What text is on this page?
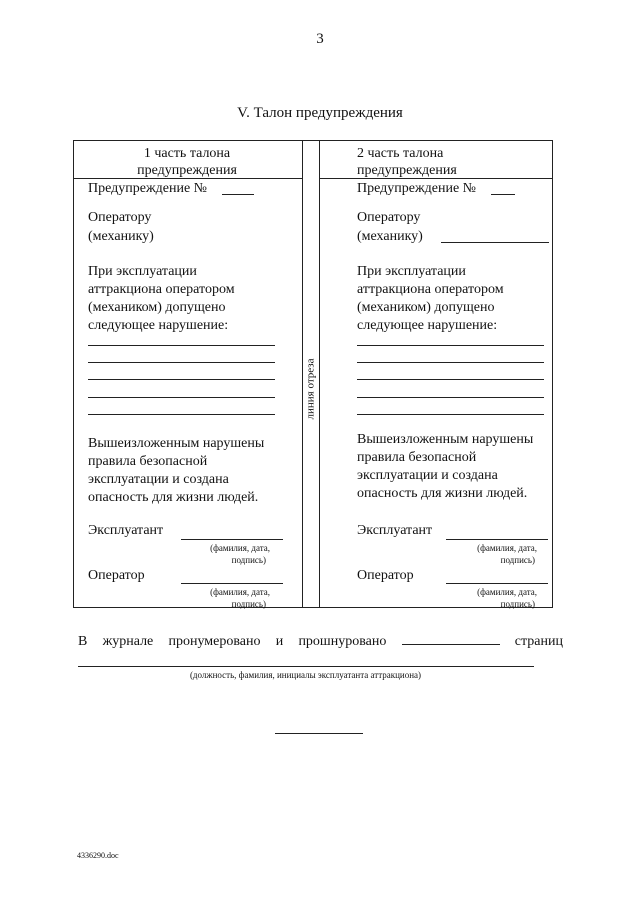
3
V. Талон предупреждения
линия отреза
1 часть талона
предупреждения
Предупреждение №
Оператору
(механику)
При эксплуатации
аттракциона оператором
(механиком) допущено
следующее нарушение:
Вышеизложенным нарушены
правила безопасной
эксплуатации и создана
опасность для жизни людей.
Эксплуатант
(фамилия, дата,
подпись)
Оператор
(фамилия, дата,
подпись)
2 часть талона
предупреждения
Предупреждение №
Оператору
(механику)
При эксплуатации
аттракциона оператором
(механиком) допущено
следующее нарушение:
Вышеизложенным нарушены
правила безопасной
эксплуатации и создана
опасность для жизни людей.
Эксплуатант
(фамилия, дата,
подпись)
Оператор
(фамилия, дата,
подпись)
В журнале пронумеровано и прошнуровано	страниц
(должность, фамилия, инициалы эксплуатанта аттракциона)
4336290.doc
